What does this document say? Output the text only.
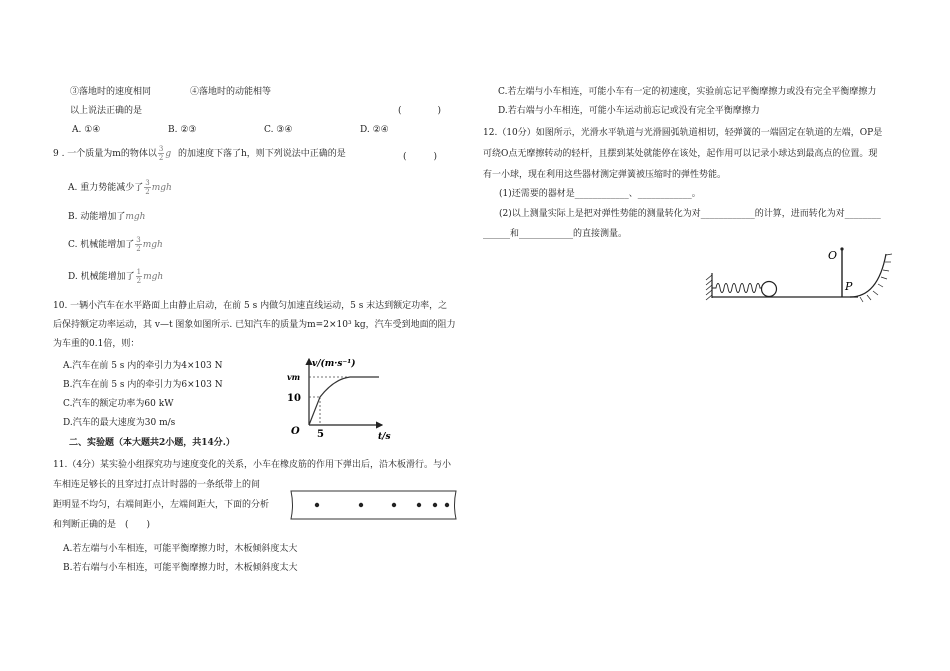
③落地时的速度相同	④落地时的动能相等
以上说法正确的是	(　　　　)
A. ①④	B. ②③	C. ③④	D. ②④
9 . 一个质量为m的物体以 $\frac{3}{2}$ g 的加速度下落了h，则下列说法中正确的是	(　　　)
A. 重力势能减少了 $\frac{3}{2}$ mgh
B. 动能增加了mgh
C. 机械能增加了 $\frac{3}{2}$ mgh
D. 机械能增加了 $\frac{1}{2}$ mgh
10. 一辆小汽车在水平路面上由静止启动，在前 5 s 内做匀加速直线运动，5 s 末达到额定功率，之
后保持额定功率运动，其 v—t 图象如图所示. 已知汽车的质量为m=2×10³ kg，汽车受到地面的阻力
为车重的0.1倍，则：
A.汽车在前 5 s 内的牵引力为4×103 N
B.汽车在前 5 s 内的牵引力为6×103 N
C.汽车的额定功率为60 kW
D.汽车的最大速度为30 m/s
v/(m·s⁻¹)
vm
10
O 5	t/s
二、实验题（本大题共2小题，共14分.）
11.（4分）某实验小组探究功与速度变化的关系，小车在橡皮筋的作用下弹出后，沿木板滑行。与小
车相连足够长的且穿过打点计时器的一条纸带上的间
距明显不均匀，右端间距小，左端间距大，下面的分析
和判断正确的是　(　　)
A.若左端与小车相连，可能平衡摩擦力时，木板倾斜度太大
B.若右端与小车相连，可能平衡摩擦力时，木板倾斜度太大
C.若左端与小车相连，可能小车有一定的初速度，实验前忘记平衡摩擦力或没有完全平衡摩擦力
D.若右端与小车相连，可能小车运动前忘记或没有完全平衡摩擦力
12.（10分）如图所示，光滑水平轨道与光滑圆弧轨道相切，轻弹簧的一端固定在轨道的左端，OP是
可绕O点无摩擦转动的轻杆，且摆到某处就能停在该处，起作用可以记录小球达到最高点的位置。现
有一小球，现在利用这些器材测定弹簧被压缩时的弹性势能。
(1)还需要的器材是____________、____________。
(2)以上测量实际上是把对弹性势能的测量转化为对____________的计算，进而转化为对________
______和____________的直接测量。
O
P
